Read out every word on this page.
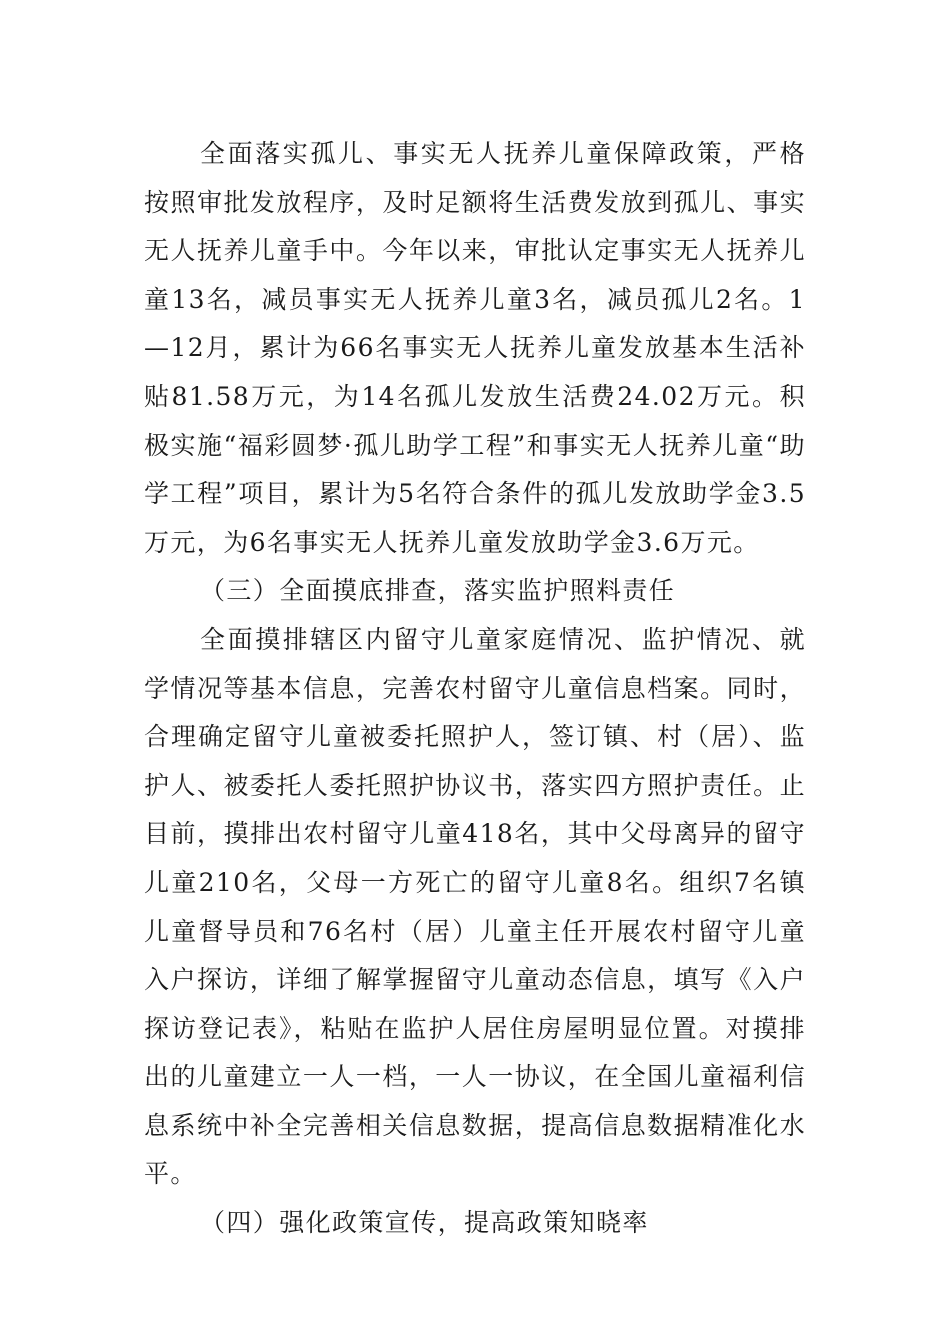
全面落实孤儿、事实无人抚养儿童保障政策，严格按照审批发放程序，及时足额将生活费发放到孤儿、事实无人抚养儿童手中。今年以来，审批认定事实无人抚养儿童13名，减员事实无人抚养儿童3名，减员孤儿2名。1—12月，累计为66名事实无人抚养儿童发放基本生活补贴81.58万元，为14名孤儿发放生活费24.02万元。积极实施“福彩圆梦·孤儿助学工程”和事实无人抚养儿童“助学工程”项目，累计为5名符合条件的孤儿发放助学金3.5万元，为6名事实无人抚养儿童发放助学金3.6万元。

（三）全面摸底排查，落实监护照料责任

全面摸排辖区内留守儿童家庭情况、监护情况、就学情况等基本信息，完善农村留守儿童信息档案。同时，合理确定留守儿童被委托照护人，签订镇、村（居）、监护人、被委托人委托照护协议书，落实四方照护责任。止目前，摸排出农村留守儿童418名，其中父母离异的留守儿童210名，父母一方死亡的留守儿童8名。组织7名镇儿童督导员和76名村（居）儿童主任开展农村留守儿童入户探访，详细了解掌握留守儿童动态信息，填写《入户探访登记表》，粘贴在监护人居住房屋明显位置。对摸排出的儿童建立一人一档，一人一协议，在全国儿童福利信息系统中补全完善相关信息数据，提高信息数据精准化水平。

（四）强化政策宣传，提高政策知晓率
